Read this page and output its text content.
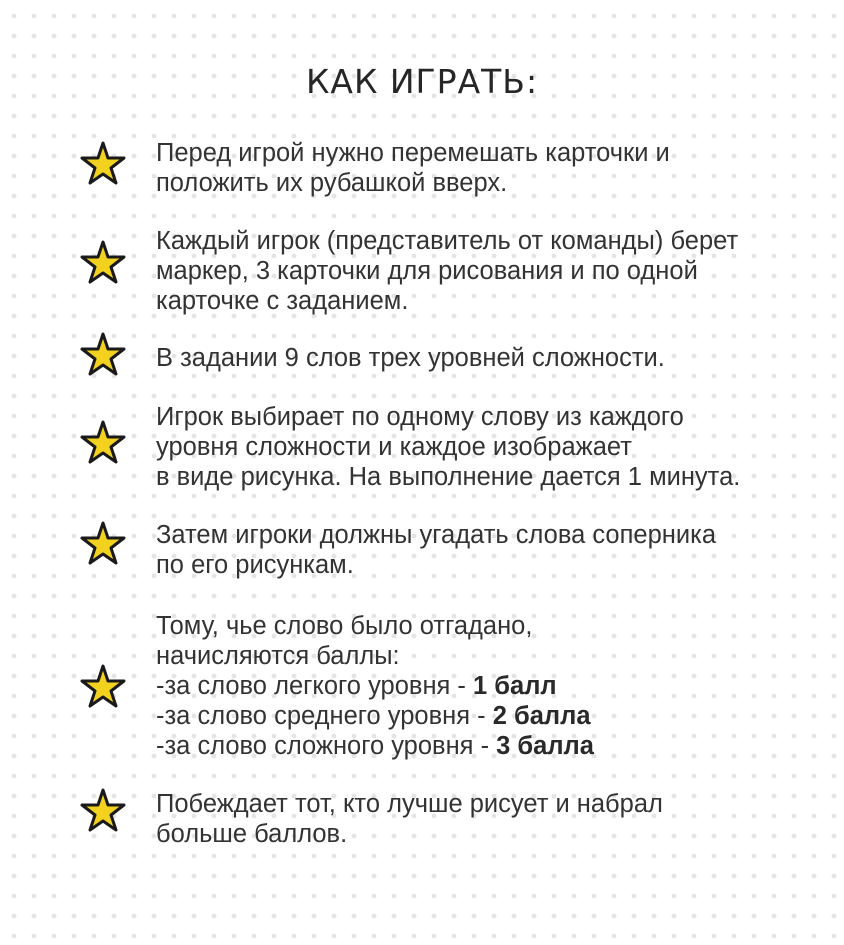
КАК ИГРАТЬ:
Перед игрой нужно перемешать карточки и
положить их рубашкой вверх.
Каждый игрок (представитель от команды) берет
маркер, 3 карточки для рисования и по одной
карточке с заданием.
В задании 9 слов трех уровней сложности.
Игрок выбирает по одному слову из каждого
уровня сложности и каждое изображает
в виде рисунка. На выполнение дается 1 минута.
Затем игроки должны угадать слова соперника
по его рисункам.
Тому, чье слово было отгадано,
начисляются баллы:
-за слово легкого уровня - 1 балл
-за слово среднего уровня - 2 балла
-за слово сложного уровня - 3 балла
Побеждает тот, кто лучше рисует и набрал
больше баллов.
